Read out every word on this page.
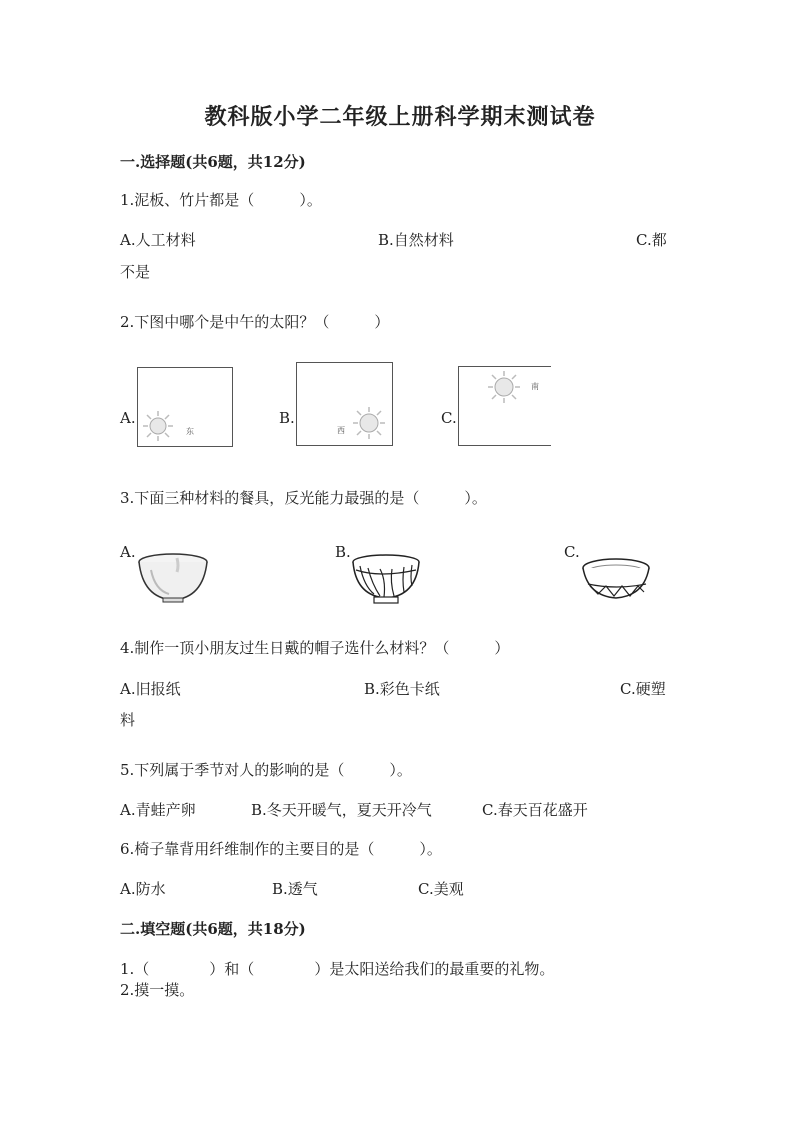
教科版小学二年级上册科学期末测试卷
一.选择题(共6题，共12分)
1.泥板、竹片都是（　　　）。
A.人工材料	B.自然材料	C.都
不是
2.下图中哪个是中午的太阳？（　　　）
A.
东
B.
西
C.
南
3.下面三种材料的餐具，反光能力最强的是（　　　）。
A.	B.	C.
4.制作一顶小朋友过生日戴的帽子选什么材料？（　　　）
A.旧报纸	B.彩色卡纸	C.硬塑
料
5.下列属于季节对人的影响的是（　　　）。
A.青蛙产卵	B.冬天开暖气，夏天开冷气	C.春天百花盛开
6.椅子靠背用纤维制作的主要目的是（　　　）。
A.防水	B.透气	C.美观
二.填空题(共6题，共18分)
1.（　　　　）和（　　　　）是太阳送给我们的最重要的礼物。
2.摸一摸。
